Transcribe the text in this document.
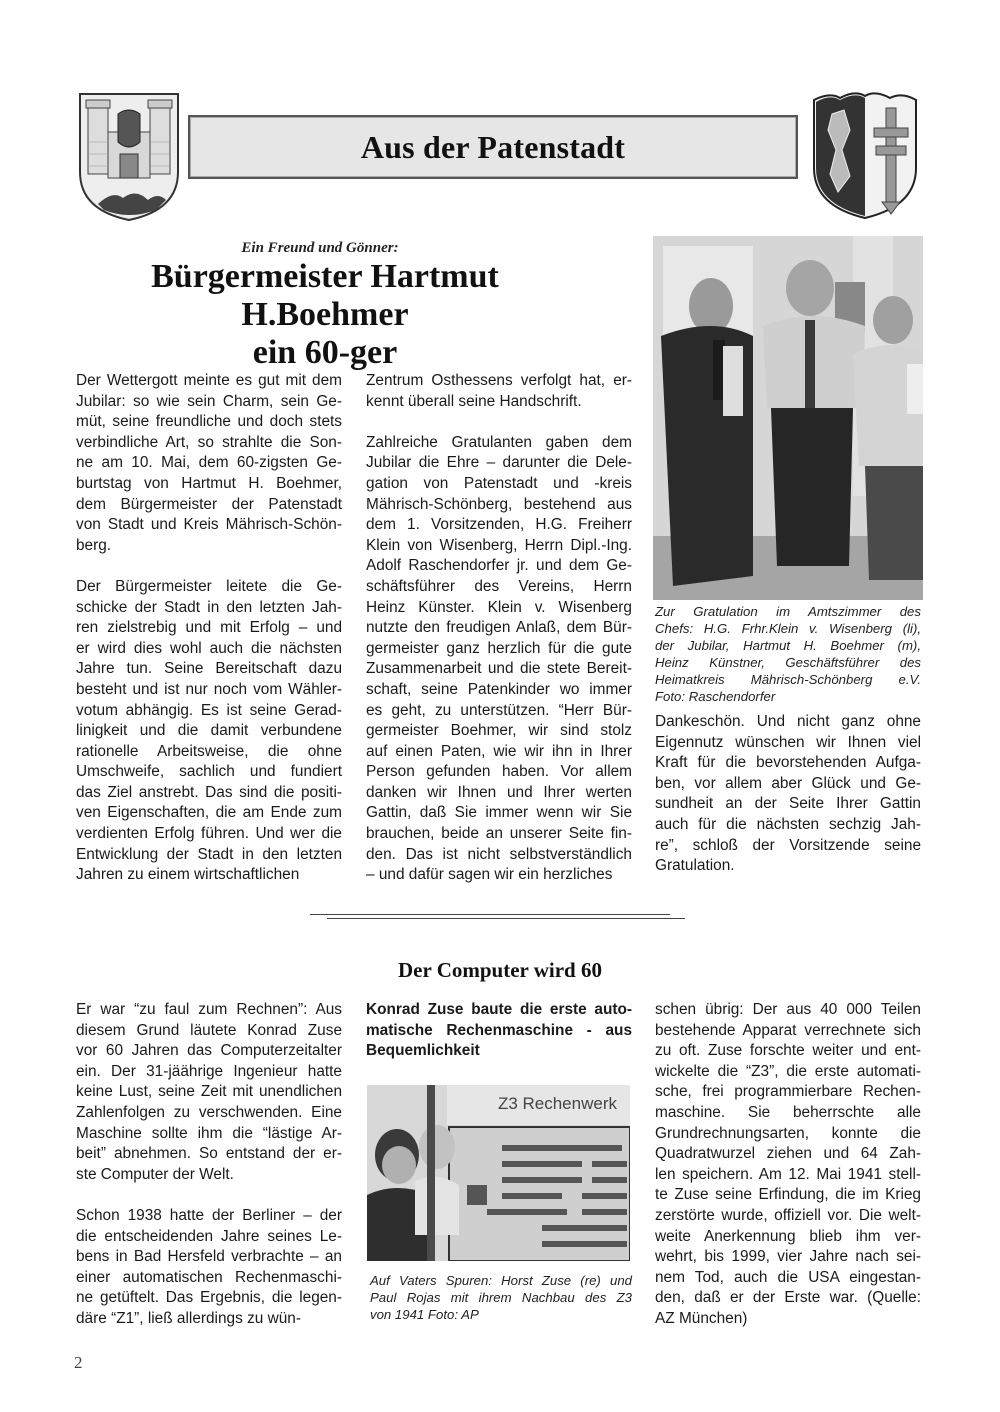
Aus der Patenstadt
Ein Freund und Gönner:
Bürgermeister Hartmut H.Boehmer
ein 60-ger
Der Wettergott meinte es gut mit dem
Jubilar: so wie sein Charm, sein Ge-
müt, seine freundliche und doch stets
verbindliche Art, so strahlte die Son-
ne am 10. Mai, dem 60-zigsten Ge-
burtstag von Hartmut H. Boehmer,
dem Bürgermeister der Patenstadt
von Stadt und Kreis Mährisch-Schön-
berg.
Der Bürgermeister leitete die Ge-
schicke der Stadt in den letzten Jah-
ren zielstrebig und mit Erfolg – und
er wird dies wohl auch die nächsten
Jahre tun. Seine Bereitschaft dazu
besteht und ist nur noch vom Wähler-
votum abhängig. Es ist seine Gerad-
linigkeit und die damit verbundene
rationelle Arbeitsweise, die ohne
Umschweife, sachlich und fundiert
das Ziel anstrebt. Das sind die positi-
ven Eigenschaften, die am Ende zum
verdienten Erfolg führen. Und wer die
Entwicklung der Stadt in den letzten
Jahren zu einem wirtschaftlichen
Zentrum Osthessens verfolgt hat, er-
kennt überall seine Handschrift.
Zahlreiche Gratulanten gaben dem
Jubilar die Ehre – darunter die Dele-
gation von Patenstadt und -kreis
Mährisch-Schönberg, bestehend aus
dem 1. Vorsitzenden, H.G. Freiherr
Klein von Wisenberg, Herrn Dipl.-Ing.
Adolf Raschendorfer jr. und dem Ge-
schäftsführer des Vereins, Herrn
Heinz Künster. Klein v. Wisenberg
nutzte den freudigen Anlaß, dem Bür-
germeister ganz herzlich für die gute
Zusammenarbeit und die stete Bereit-
schaft, seine Patenkinder wo immer
es geht, zu unterstützen. “Herr Bür-
germeister Boehmer, wir sind stolz
auf einen Paten, wie wir ihn in Ihrer
Person gefunden haben. Vor allem
danken wir Ihnen und Ihrer werten
Gattin, daß Sie immer wenn wir Sie
brauchen, beide an unserer Seite fin-
den. Das ist nicht selbstverständlich
– und dafür sagen wir ein herzliches
Zur Gratulation im Amtszimmer des
Chefs: H.G. Frhr.Klein v. Wisenberg (li),
der Jubilar, Hartmut H. Boehmer (m),
Heinz Künstner, Geschäftsführer des
Heimatkreis Mährisch-Schönberg e.V.
Foto: Raschendorfer
Dankeschön. Und nicht ganz ohne
Eigennutz wünschen wir Ihnen viel
Kraft für die bevorstehenden Aufga-
ben, vor allem aber Glück und Ge-
sundheit an der Seite Ihrer Gattin
auch für die nächsten sechzig Jah-
re”, schloß der Vorsitzende seine
Gratulation.
Der Computer wird 60
Er war “zu faul zum Rechnen”: Aus
diesem Grund läutete Konrad Zuse
vor 60 Jahren das Computerzeitalter
ein. Der 31-jäährige Ingenieur hatte
keine Lust, seine Zeit mit unendlichen
Zahlenfolgen zu verschwenden. Eine
Maschine sollte ihm die “lästige Ar-
beit” abnehmen. So entstand der er-
ste Computer der Welt.
Schon 1938 hatte der Berliner – der
die entscheidenden Jahre seines Le-
bens in Bad Hersfeld verbrachte – an
einer automatischen Rechenmaschi-
ne getüftelt. Das Ergebnis, die legen-
däre “Z1”, ließ allerdings zu wün-
Konrad Zuse baute die erste auto-
matische Rechenmaschine - aus
Bequemlichkeit
Z3 Rechenwerk
Auf Vaters Spuren: Horst Zuse (re) und
Paul Rojas mit ihrem Nachbau des Z3
von 1941 Foto: AP
schen übrig: Der aus 40 000 Teilen
bestehende Apparat verrechnete sich
zu oft. Zuse forschte weiter und ent-
wickelte die “Z3”, die erste automati-
sche, frei programmierbare Rechen-
maschine. Sie beherrschte alle
Grundrechnungsarten, konnte die
Quadratwurzel ziehen und 64 Zah-
len speichern. Am 12. Mai 1941 stell-
te Zuse seine Erfindung, die im Krieg
zerstörte wurde, offiziell vor. Die welt-
weite Anerkennung blieb ihm ver-
wehrt, bis 1999, vier Jahre nach sei-
nem Tod, auch die USA eingestan-
den, daß er der Erste war. (Quelle:
AZ München)
2
